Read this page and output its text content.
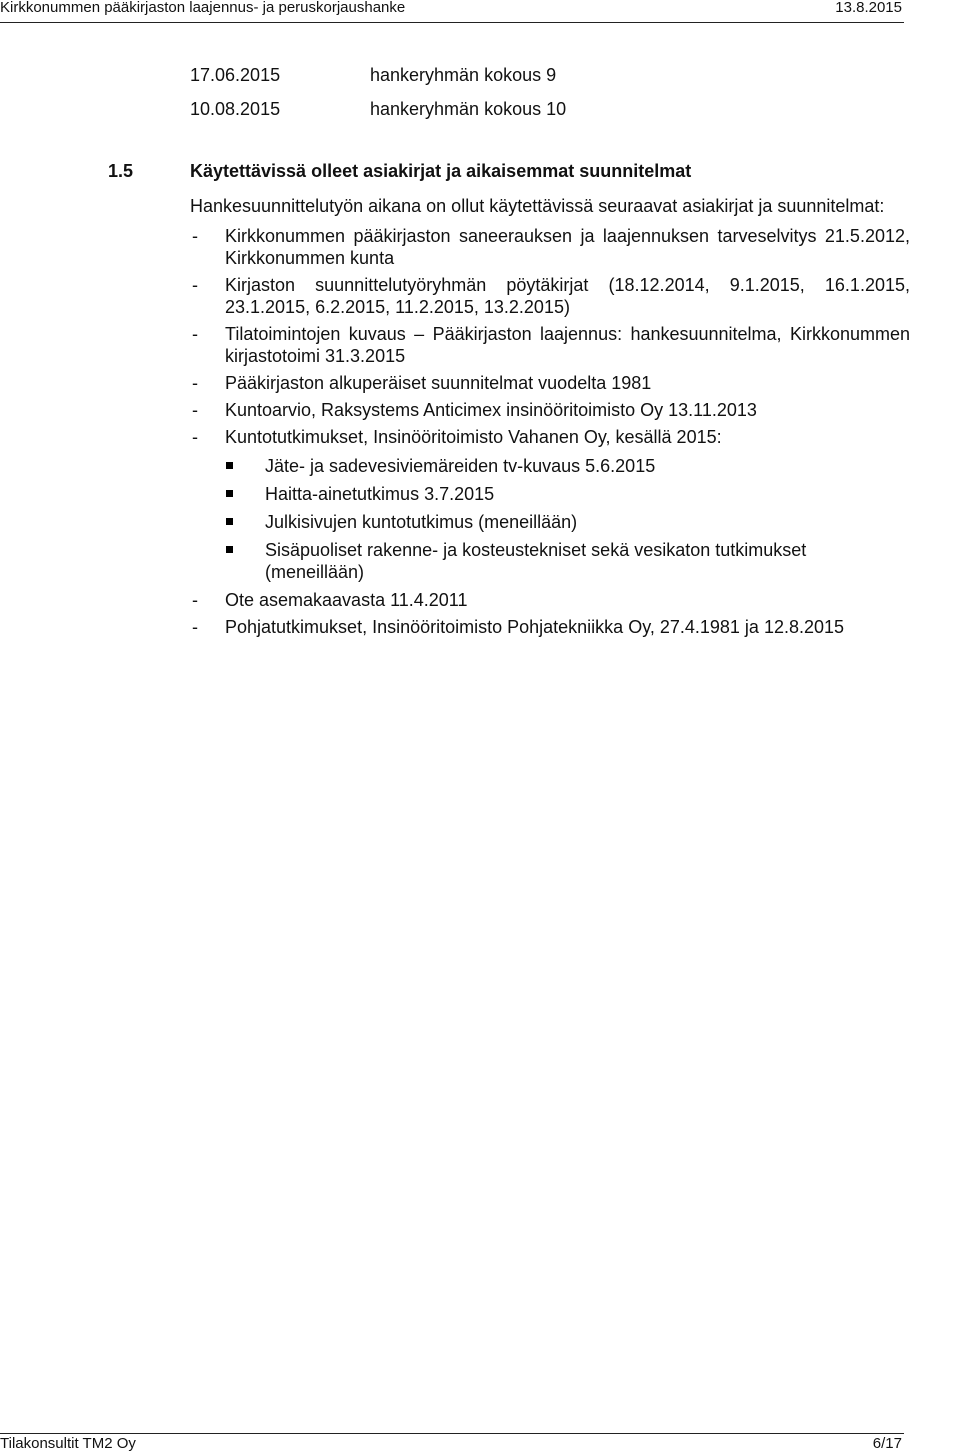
Kirkkonummen pääkirjaston laajennus- ja peruskorjaushanke	13.8.2015
17.06.2015	hankeryhmän kokous 9
10.08.2015	hankeryhmän kokous 10
1.5	Käytettävissä olleet asiakirjat ja aikaisemmat suunnitelmat
Hankesuunnittelutyön aikana on ollut käytettävissä seuraavat asiakirjat ja suunnitelmat:
- Kirkkonummen pääkirjaston saneerauksen ja laajennuksen tarveselvitys 21.5.2012, Kirkkonummen kunta
- Kirjaston suunnittelutyöryhmän pöytäkirjat (18.12.2014, 9.1.2015, 16.1.2015, 23.1.2015, 6.2.2015, 11.2.2015, 13.2.2015)
- Tilatoimintojen kuvaus – Pääkirjaston laajennus: hankesuunnitelma, Kirkkonummen kirjastotoimi 31.3.2015
- Pääkirjaston alkuperäiset suunnitelmat vuodelta 1981
- Kuntoarvio, Raksystems Anticimex insinööritoimisto Oy 13.11.2013
- Kuntotutkimukset, Insinööritoimisto Vahanen Oy, kesällä 2015:
Jäte- ja sadevesiviemäreiden tv-kuvaus 5.6.2015
Haitta-ainetutkimus 3.7.2015
Julkisivujen kuntotutkimus (meneillään)
Sisäpuoliset rakenne- ja kosteustekniset sekä vesikaton tutkimukset (meneillään)
- Ote asemakaavasta 11.4.2011
- Pohjatutkimukset, Insinööritoimisto Pohjatekniikka Oy, 27.4.1981 ja 12.8.2015
Tilakonsultit TM2 Oy	6/17
